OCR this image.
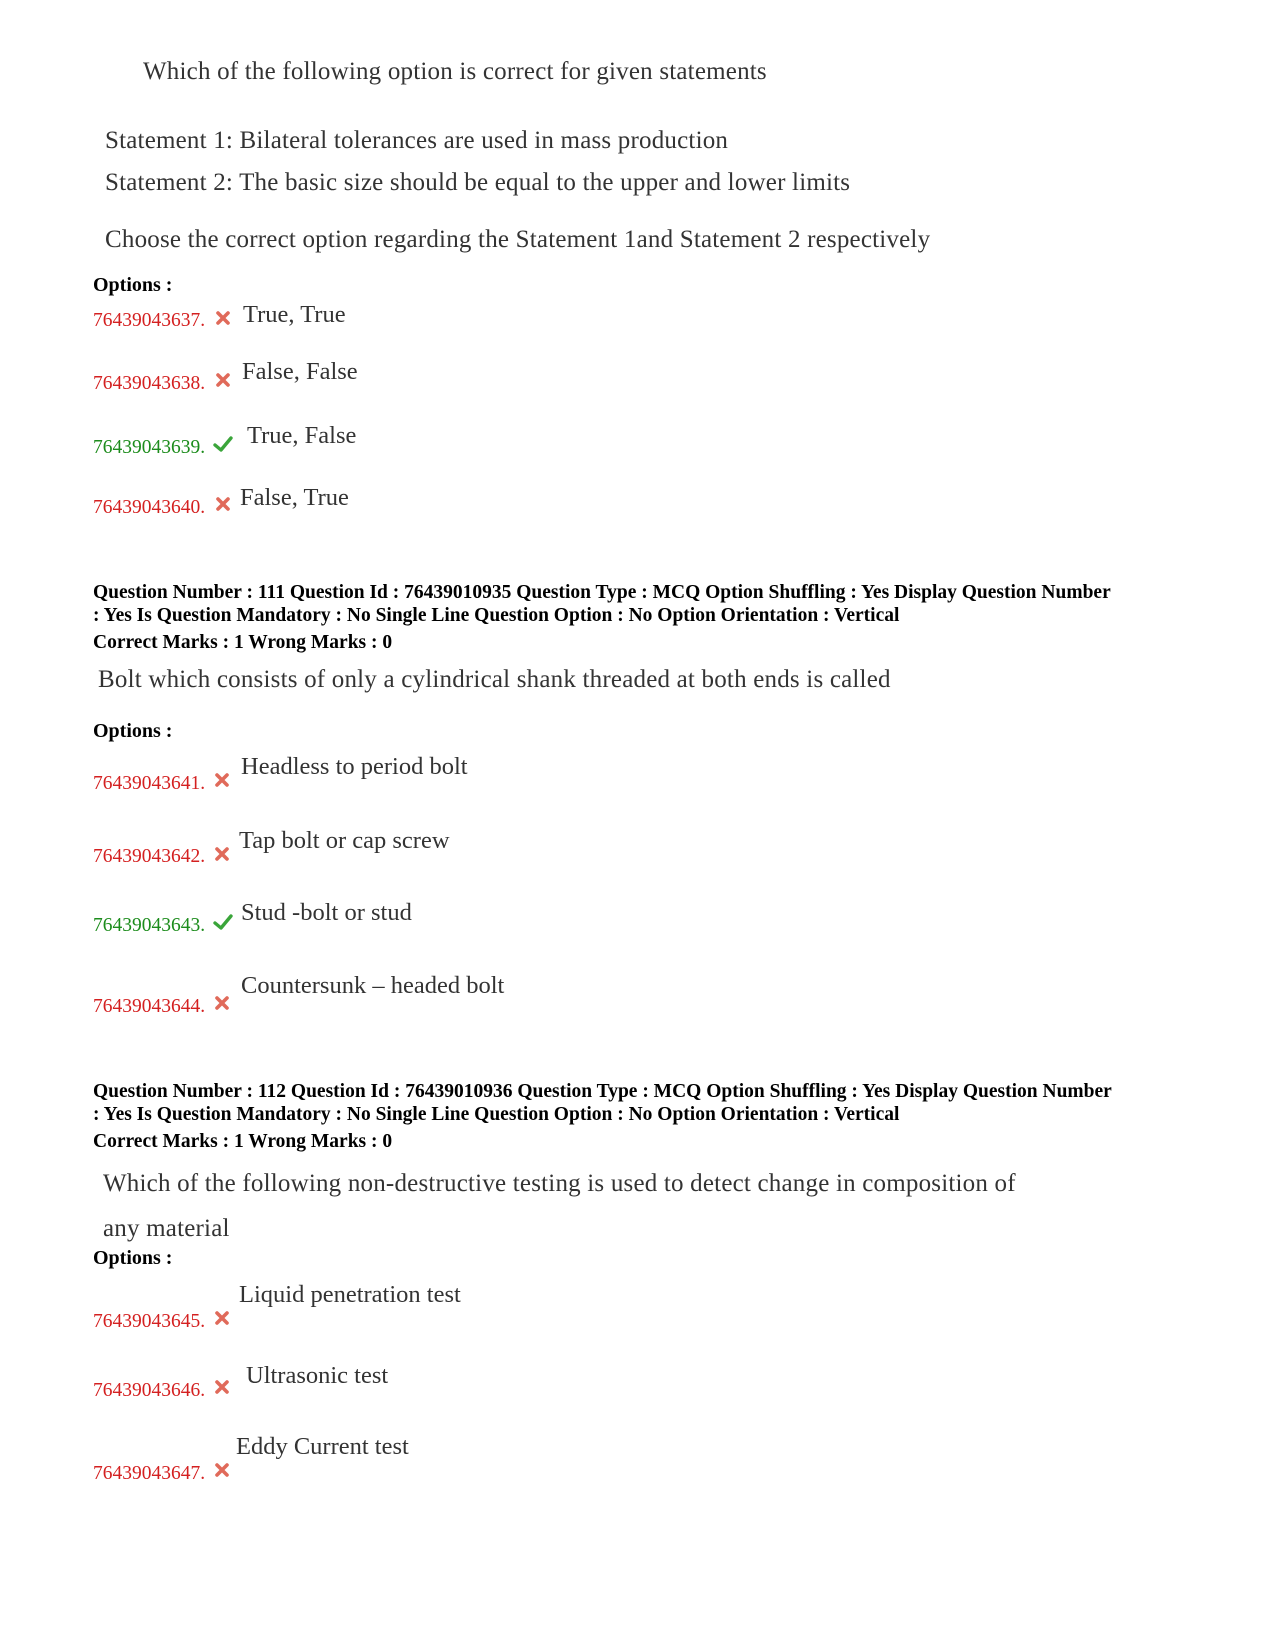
Which of the following option is correct for given statements
Statement 1: Bilateral tolerances are used in mass production
Statement 2: The basic size should be equal to the upper and lower limits
Choose the correct option regarding the Statement 1and Statement 2 respectively
Options :
76439043637. True, True
76439043638. False, False
76439043639. True, False
76439043640. False, True
Question Number : 111 Question Id : 76439010935 Question Type : MCQ Option Shuffling : Yes Display Question Number
: Yes Is Question Mandatory : No Single Line Question Option : No Option Orientation : Vertical
Correct Marks : 1 Wrong Marks : 0
Bolt which consists of only a cylindrical shank threaded at both ends is called
Options :
76439043641.
Headless to period bolt
76439043642.
Tap bolt or cap screw
76439043643. Stud -bolt or stud
76439043644.
Countersunk – headed bolt
Question Number : 112 Question Id : 76439010936 Question Type : MCQ Option Shuffling : Yes Display Question Number
: Yes Is Question Mandatory : No Single Line Question Option : No Option Orientation : Vertical
Correct Marks : 1 Wrong Marks : 0
Which of the following non-destructive testing is used to detect change in composition of
any material
Options :
76439043645.
Liquid penetration test
76439043646.
Ultrasonic test
76439043647.
Eddy Current test
